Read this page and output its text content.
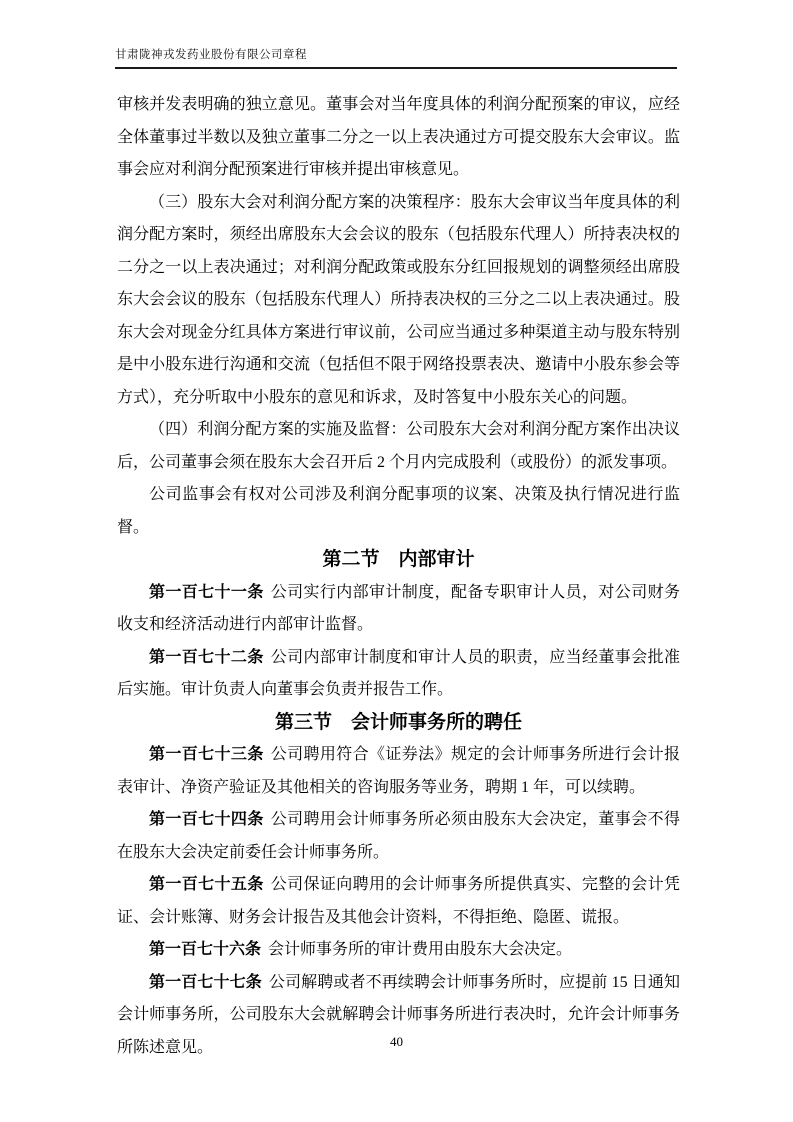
甘肃陇神戎发药业股份有限公司章程

审核并发表明确的独立意见。董事会对当年度具体的利润分配预案的审议，应经全体董事过半数以及独立董事二分之一以上表决通过方可提交股东大会审议。监事会应对利润分配预案进行审核并提出审核意见。

（三）股东大会对利润分配方案的决策程序：股东大会审议当年度具体的利润分配方案时，须经出席股东大会会议的股东（包括股东代理人）所持表决权的二分之一以上表决通过；对利润分配政策或股东分红回报规划的调整须经出席股东大会会议的股东（包括股东代理人）所持表决权的三分之二以上表决通过。股东大会对现金分红具体方案进行审议前，公司应当通过多种渠道主动与股东特别是中小股东进行沟通和交流（包括但不限于网络投票表决、邀请中小股东参会等方式），充分听取中小股东的意见和诉求，及时答复中小股东关心的问题。

（四）利润分配方案的实施及监督：公司股东大会对利润分配方案作出决议后，公司董事会须在股东大会召开后 2 个月内完成股利（或股份）的派发事项。

公司监事会有权对公司涉及利润分配事项的议案、决策及执行情况进行监督。

第二节　内部审计

第一百七十一条 公司实行内部审计制度，配备专职审计人员，对公司财务收支和经济活动进行内部审计监督。

第一百七十二条 公司内部审计制度和审计人员的职责，应当经董事会批准后实施。审计负责人向董事会负责并报告工作。

第三节　会计师事务所的聘任

第一百七十三条 公司聘用符合《证券法》规定的会计师事务所进行会计报表审计、净资产验证及其他相关的咨询服务等业务，聘期 1 年，可以续聘。

第一百七十四条 公司聘用会计师事务所必须由股东大会决定，董事会不得在股东大会决定前委任会计师事务所。

第一百七十五条 公司保证向聘用的会计师事务所提供真实、完整的会计凭证、会计账簿、财务会计报告及其他会计资料，不得拒绝、隐匿、谎报。

第一百七十六条 会计师事务所的审计费用由股东大会决定。

第一百七十七条 公司解聘或者不再续聘会计师事务所时，应提前 15 日通知会计师事务所，公司股东大会就解聘会计师事务所进行表决时，允许会计师事务所陈述意见。	40
